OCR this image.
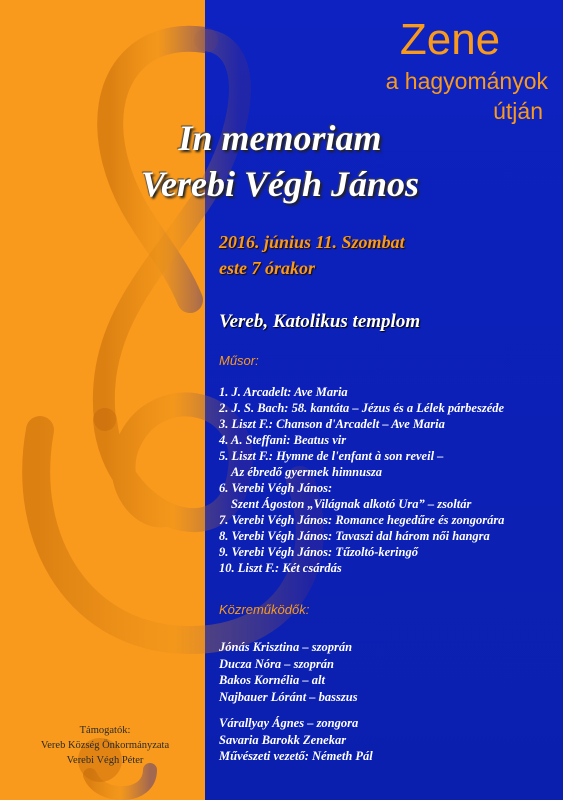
Zene
a hagyományok
útján
In memoriam
Verebi Végh János
2016. június 11. Szombat
este 7 órakor
Vereb, Katolikus templom
Műsor:
1. J. Arcadelt: Ave Maria
2. J. S. Bach: 58. kantáta – Jézus és a Lélek párbeszéde
3. Liszt F.: Chanson d'Arcadelt – Ave Maria
4. A. Steffani: Beatus vir
5. Liszt F.: Hymne de l'enfant à son reveil –
Az ébredő gyermek himnusza
6. Verebi Végh János:
Szent Ágoston „Világnak alkotó Ura” – zsoltár
7. Verebi Végh János: Romance hegedűre és zongorára
8. Verebi Végh János: Tavaszi dal három női hangra
9. Verebi Végh János: Tűzoltó-keringő
10. Liszt F.: Két csárdás
Közreműködők:
Jónás Krisztina – szoprán
Ducza Nóra – szoprán
Bakos Kornélia – alt
Najbauer Lóránt – basszus
Várallyay Ágnes – zongora
Savaria Barokk Zenekar
Művészeti vezető: Németh Pál
Támogatók:
Vereb Község Önkormányzata
Verebi Végh Péter
